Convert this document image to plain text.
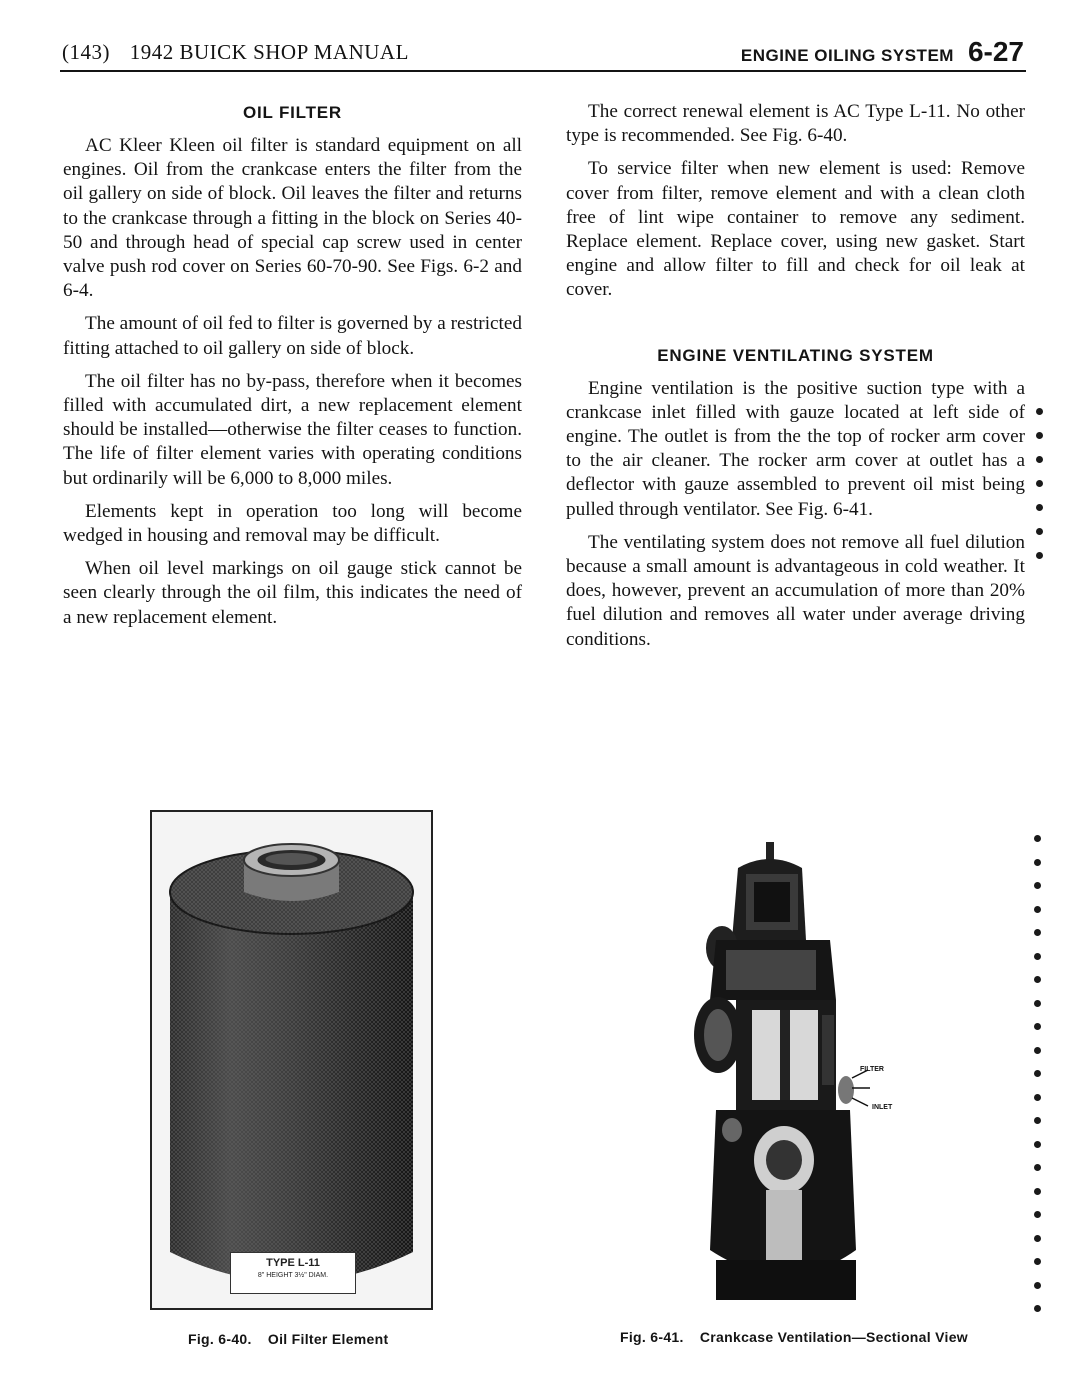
(143) 1942 BUICK SHOP MANUAL	ENGINE OILING SYSTEM 6-27
OIL FILTER

AC Kleer Kleen oil filter is standard equipment on all engines. Oil from the crankcase enters the filter from the oil gallery on side of block. Oil leaves the filter and returns to the crankcase through a fitting in the block on Series 40-50 and through head of special cap screw used in center valve push rod cover on Series 60-70-90. See Figs. 6-2 and 6-4.

The amount of oil fed to filter is governed by a restricted fitting attached to oil gallery on side of block.

The oil filter has no by-pass, therefore when it becomes filled with accumulated dirt, a new replacement element should be installed—otherwise the filter ceases to function. The life of filter element varies with operating conditions but ordinarily will be 6,000 to 8,000 miles.

Elements kept in operation too long will become wedged in housing and removal may be difficult.

When oil level markings on oil gauge stick cannot be seen clearly through the oil film, this indicates the need of a new replacement element.

The correct renewal element is AC Type L-11. No other type is recommended. See Fig. 6-40.

To service filter when new element is used: Remove cover from filter, remove element and with a clean cloth free of lint wipe container to remove any sediment. Replace element. Replace cover, using new gasket. Start engine and allow filter to fill and check for oil leak at cover.

ENGINE VENTILATING SYSTEM

Engine ventilation is the positive suction type with a crankcase inlet filled with gauze located at left side of engine. The outlet is from the the top of rocker arm cover to the air cleaner. The rocker arm cover at outlet has a deflector with gauze assembled to prevent oil mist being pulled through ventilator. See Fig. 6-41.

The ventilating system does not remove all fuel dilution because a small amount is advantageous in cold weather. It does, however, prevent an accumulation of more than 20% fuel dilution and removes all water under average driving conditions.

TYPE L-11
8" HEIGHT 3½" DIAM.
Fig. 6-40. Oil Filter Element
FILTER
INLET
Fig. 6-41. Crankcase Ventilation—Sectional View
